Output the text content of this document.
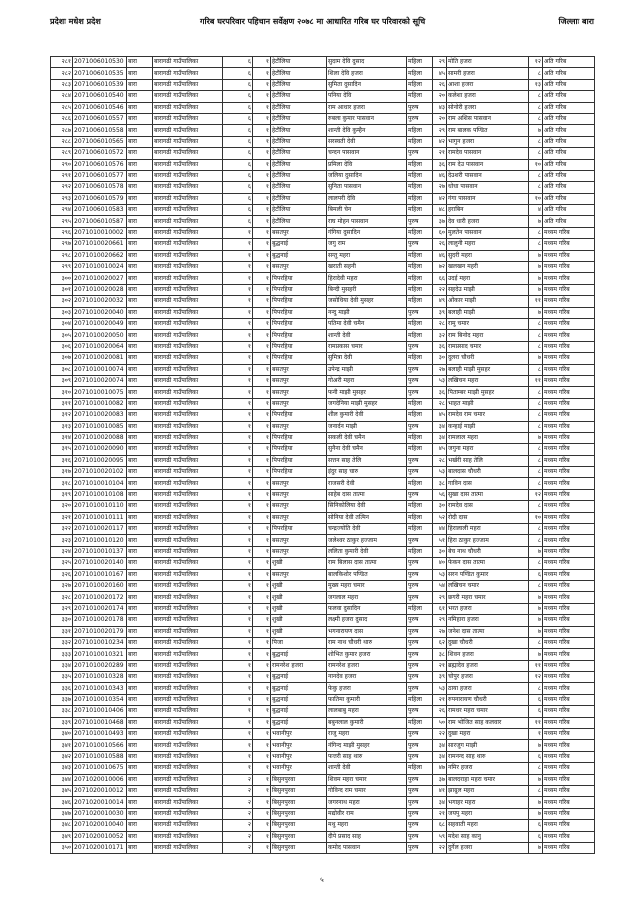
प्रदेशः मधेश प्रदेश	गरिब घरपरिवार पहिचान सर्वेक्षण २०७८ मा आधारित गरिब घर परिवारको सूचि	जिल्लाः बारा
२८१	2071006010530	बारा	बारागढी गाउँपालिका	६	१	हेटौंलिया	सुदाम देवि दुसाद	महिला	२९	मोति हजरा	१२	अति गरिब
२८२	2071006010535	बारा	बारागढी गाउँपालिका	६	१	हेटौंलिया	शिला देवि हजरा	महिला	४५	सामरी हजरा	८	अति गरिब
२८३	2071006010539	बारा	बारागढी गाउँपालिका	६	१	हेटौंलिया	सुमिता दुसादिन	महिला	२६	आशा हजरा	१३	अति गरिब
२८४	2071006010540	बारा	बारागढी गाउँपालिका	६	१	हेटौंलिया	पनिया देवि	महिला	२०	कलेशा हजरा	८	अति गरिब
२८५	2071006010546	बारा	बारागढी गाउँपालिका	६	१	हेटौंलिया	राम आधार हजरा	पुरुष	४३	सोनोरी हजरा	८	अति गरिब
२८६	2071006010557	बारा	बारागढी गाउँपालिका	६	१	हेटौंलिया	रुबला कुमार पासवान	पुरुष	२०	राम अशिस पासवान	८	अति गरिब
२८७	2071006010558	बारा	बारागढी गाउँपालिका	६	१	हेटौंलिया	शान्ती देवि कुम्हैन	महिला	२९	राम बालक पण्डित	७	अति गरिब
२८८	2071006010565	बारा	बारागढी गाउँपालिका	६	१	हेटौंलिया	सरस्वती देवी	महिला	४२	भागुन हजरा	८	अति गरिब
२८९	2071006010572	बारा	बारागढी गाउँपालिका	६	१	हेटौंलिया	चन्दन पासवान	पुरुष	२१	रामदेव पासवान	८	अति गरिब
२९०	2071006010576	बारा	बारागढी गाउँपालिका	६	१	हेटौंलिया	प्रमिला देवि	महिला	३६	राम देउ पासवान	१०	अति गरिब
२९१	2071006010577	बारा	बारागढी गाउँपालिका	६	१	हेटौंलिया	जलिया दुसादिन	महिला	४६	देउशरी पासवान	८	अति गरिब
२९२	2071006010578	बारा	बारागढी गाउँपालिका	६	१	हेटौंलिया	सुनिता पासवान	महिला	२७	धोधा पासवान	८	अति गरिब
२९३	2071006010579	बारा	बारागढी गाउँपालिका	६	१	हेटौंलिया	लालपरी देवि	महिला	४२	गंगा पासवान	१०	अति गरिब
२९४	2071006010583	बारा	बारागढी गाउँपालिका	६	१	हेटौंलिया	बिमली चेन	महिला	४८	हराबिन	४	अति गरिब
२९५	2071006010587	बारा	बारागढी गाउँपालिका	६	१	हेटौंलिया	राघ मोहन पासवान	पुरुष	३७	देव धारी हजरा	७	अति गरिब
२९६	2071010010002	बारा	बारागढी गाउँपालिका	१	१	बसतपुर	गंगिया दुसादिन	महिला	६०	मुलतेन पासवान	८	मध्यम गरिब
२९७	2071010020661	बारा	बारागढी गाउँपालिका	१	१	बुद्धनाई	जगु राम	पुरुष	२६	लालुनी महरा	८	मध्यम गरिब
२९८	2071010020662	बारा	बारागढी गाउँपालिका	१	१	बुद्धनाई	सन्तु महरा	महिला	४६	सुदरी महरा	७	मध्यम गरिब
२९९	2071010010024	बारा	बारागढी गाउँपालिका	१	१	बसतपुर	खराती सहनी	महिला	७२	खलखन महरी	७	मध्यम गरिब
३००	2071010020027	बारा	बारागढी गाउँपालिका	१	१	पिपरहिया	हिरादेवी महरा	महिला	६६	उदई महरा	७	मध्यम गरिब
३०१	2071010020028	बारा	बारागढी गाउँपालिका	१	१	पिपरहिया	बिन्दी मुसहरी	महिला	२२	सहदेउ माझी	७	मध्यम गरिब
३०२	2071010020032	बारा	बारागढी गाउँपालिका	१	१	पिपरहिया	जसोधिया देवी मुसहर	महिला	४९	ओंकार माझी	११	मध्यम गरिब
३०३	2071010020040	बारा	बारागढी गाउँपालिका	१	१	पिपरहिया	नन्दु माझी	पुरुष	३९	बलाही माझी	७	मध्यम गरिब
३०४	2071010020049	बारा	बारागढी गाउँपालिका	१	१	पिपरहिया	पतिमा देवी चमैन	महिला	२८	रामु चमार	८	मध्यम गरिब
३०५	2071010020050	बारा	बारागढी गाउँपालिका	१	१	पिपरहिया	शान्ती देवी	महिला	३२	राम बिनोद महरा	८	मध्यम गरिब
३०६	2071010020064	बारा	बारागढी गाउँपालिका	१	१	पिपरहिया	रामप्रकास चमार	पुरुष	३६	रामप्रसाद चमार	८	मध्यम गरिब
३०७	2071010020081	बारा	बारागढी गाउँपालिका	१	१	पिपरहिया	सुमित्रा देवी	महिला	३०	दुलरा चौधरी	७	मध्यम गरिब
३०८	2071010010074	बारा	बारागढी गाउँपालिका	१	१	बसतपुर	उपेन्द्र माझी	पुरुष	२७	बलाही माझी मुसहर	८	मध्यम गरिब
३०९	2071010020074	बारा	बारागढी गाउँपालिका	१	१	बसतपुर	गोअरी महरा	पुरुष	५३	लखिचन महरा	११	मध्यम गरिब
३१०	2071010010075	बारा	बारागढी गाउँपालिका	१	१	बसतपुर	फनी माझी मुसहर	पुरुष	३६	पिताम्बर माझी मुसहर	८	मध्यम गरिब
३११	2071010010082	बारा	बारागढी गाउँपालिका	१	१	बसतपुर	जगदेनिया माझी मुसहर	महिला	२८	भाहत माझी	८	मध्यम गरिब
३१२	2071010020083	बारा	बारागढी गाउँपालिका	१	१	पिपरहिया	शील कुमारी देवी	महिला	४५	रामदेव राम चमार	८	मध्यम गरिब
३१३	2071010010085	बारा	बारागढी गाउँपालिका	१	१	बसतपुर	जनार्दन माझी	पुरुष	३४	कन्हाई माझी	८	मध्यम गरिब
३१४	2071010020088	बारा	बारागढी गाउँपालिका	१	१	पिपरहिया	सकली देवी चमैन	महिला	३४	रामलाल महरा	७	मध्यम गरिब
३१५	2071010020090	बारा	बारागढी गाउँपालिका	१	१	पिपरहिया	सुनैना देवी चमैन	महिला	४५	जगुना महरा	८	मध्यम गरिब
३१६	2071010020095	बारा	बारागढी गाउँपालिका	१	१	पिपरहिया	सत्तन साह तेलि	पुरुष	२८	भर्खरी साह तेलि	८	मध्यम गरिब
३१७	2071010020102	बारा	बारागढी गाउँपालिका	१	१	पिपरहिया	इंदुर साह चारु	पुरुष	५३	बालदास चौधरी	८	मध्यम गरिब
३१८	2071010010104	बारा	बारागढी गाउँपालिका	१	१	बसतपुर	राजसरी देवी	महिला	३८	गाविन दास	८	मध्यम गरिब
३१९	2071010010108	बारा	बारागढी गाउँपालिका	१	१	बसतपुर	साहेब दास तात्मा	पुरुष	५६	सुखा दास तात्मा	१२	मध्यम गरिब
३२०	2071010010110	बारा	बारागढी गाउँपालिका	१	१	बसतपुर	सिनिकोलिया देवी	महिला	३०	रामदेव दास	८	मध्यम गरिब
३२१	2071010010111	बारा	बारागढी गाउँपालिका	१	१	बसतपुर	सोनिया देवी तत्मिन	महिला	५२	रोदी दास	१०	मध्यम गरिब
३२२	2071010020117	बारा	बारागढी गाउँपालिका	१	१	पिपरहिया	चन्द्रज्योति देवी	महिला	४४	हिरालाली महरा	८	मध्यम गरिब
३२३	2071010010120	बारा	बारागढी गाउँपालिका	१	१	बसतपुर	जलेश्वर ठाकुर हज्जाम	पुरुष	५१	हिरा ठाकुर हज्जाम	८	मध्यम गरिब
३२४	2071010010137	बारा	बारागढी गाउँपालिका	१	१	बसतपुर	ललिता कुमारी देवी	महिला	३०	बेच नाथ चौधरी	७	मध्यम गरिब
३२५	2071010020140	बारा	बारागढी गाउँपालिका	१	१	शुखी	राम बिलास दास तात्मा	पुरुष	४०	फेकन दास तात्मा	८	मध्यम गरिब
३२६	2071010010167	बारा	बारागढी गाउँपालिका	१	१	बसतपुर	बालकिशोर पण्डित	पुरुष	५३	सरन पण्डित कुमार	६	मध्यम गरिब
३२७	2071010020160	बारा	बारागढी गाउँपालिका	१	१	शुखी	मुख्य महरा चमार	पुरुष	५४	लखिचन चमार	८	मध्यम गरिब
३२८	2071010020172	बारा	बारागढी गाउँपालिका	१	१	शुखी	जगलाल महरा	पुरुष	२९	छगरी महरा चमार	७	मध्यम गरिब
३२९	2071010020174	बारा	बारागढी गाउँपालिका	१	१	शुखी	फलवा दुसादिन	महिला	६१	भरत हजरा	७	मध्यम गरिब
३३०	2071010020178	बारा	बारागढी गाउँपालिका	१	१	शुखी	लक्ष्मी हजरा दुसाद	पुरुष	२९	नमिहारा हजरा	७	मध्यम गरिब
३३१	2071010020179	बारा	बारागढी गाउँपालिका	१	१	शुखी	भगनारायण दास	पुरुष	२७	जनेश दास तात्मा	७	मध्यम गरिब
३३२	2071010010234	बारा	बारागढी गाउँपालिका	१	१	पिजा	राम नाथ चौधरी थारु	पुरुष	६२	दुखा चौधरी	८	मध्यम गरिब
३३३	2071010010321	बारा	बारागढी गाउँपालिका	१	१	बुद्धनाई	शोभित कुमार हजरा	पुरुष	३८	शिवन हजरा	७	मध्यम गरिब
३३४	2071010020289	बारा	बारागढी गाउँपालिका	१	१	रामनरेश हजरा	रामनरेश हजरा	पुरुष	२१	ब्रह्मादेव हजरा	११	मध्यम गरिब
३३५	2071010010328	बारा	बारागढी गाउँपालिका	१	१	बुद्धनाई	नानदेव हजरा	पुरुष	३९	चोपुर हजरा	१२	मध्यम गरिब
३३६	2071010010343	बारा	बारागढी गाउँपालिका	१	१	बुद्धनाई	फेकु हजरा	पुरुष	५३	ठाया हजरा	८	मध्यम गरिब
३३७	2071010010354	बारा	बारागढी गाउँपालिका	१	१	बुद्धनाई	फातिमा कुमारी	महिला	२१	रुपनारायण चौधरी	६	मध्यम गरिब
३३८	2071010010406	बारा	बारागढी गाउँपालिका	१	१	बुद्धनाई	लालबाबु महरा	पुरुष	२६	रामधर महरा चमार	६	मध्यम गरिब
३३९	2071010010468	बारा	बारागढी गाउँपालिका	१	१	बुद्धनाई	बबुनलाल कुमारी	महिला	५०	राम भोजित साह कलवार	११	मध्यम गरिब
३४०	2071010010493	बारा	बारागढी गाउँपालिका	१	१	भवानीपुर	राजु महरा	पुरुष	२२	दुखा महरा	१	मध्यम गरिब
३४१	2071010010566	बारा	बारागढी गाउँपालिका	१	१	भवानीपुर	नंगिन्द माझी मुसहर	पुरुष	३४	सारजुग माझी	७	मध्यम गरिब
३४२	2071010010588	बारा	बारागढी गाउँपालिका	१	१	भवानीपुर	फत्तरी साह थारु	पुरुष	३४	रामनन्द साह थारु	६	मध्यम गरिब
३४३	2071010010675	बारा	बारागढी गाउँपालिका	१	१	भवानीपुर	शान्ती देवी	महिला	४७	नमिर हजरा	८	मध्यम गरिब
३४४	2071020010006	बारा	बारागढी गाउँपालिका	२	१	बिसुनपुरवा	शिवम महरा चमार	पुरुष	३७	बालदराहा महरा चमार	७	मध्यम गरिब
३४५	2071020010012	बारा	बारागढी गाउँपालिका	२	१	बिसुनपुरवा	गोविन्द राम चमार	पुरुष	४१	झाग्रुल महरा	८	मध्यम गरिब
३४६	2071020010014	बारा	बारागढी गाउँपालिका	२	१	बिसुनपुरवा	जगरनाथ महरा	पुरुष	३४	भगाहर महरा	७	मध्यम गरिब
३४७	2071020010030	बारा	बारागढी गाउँपालिका	२	१	बिसुनपुरवा	मद्योवीर राम	पुरुष	२१	जयपु महरा	७	मध्यम गरिब
३४८	2071020010040	बारा	बारागढी गाउँपालिका	२	१	बिसुनपुरवा	मथु महरा	पुरुष	६८	सहवाती महरा	६	मध्यम गरिब
३४९	2071020010052	बारा	बारागढी गाउँपालिका	२	१	बिसुनपुरवा	दीपे प्रसाद साह	पुरुष	५९	मदेश साह कानु	६	मध्यम गरिब
३५०	2071020010171	बारा	बारागढी गाउँपालिका	२	१	बिसुनपुरवा	कमोद पासवान	पुरुष	२२	दुर्गेल हजरा	७	मध्यम गरिब
५
